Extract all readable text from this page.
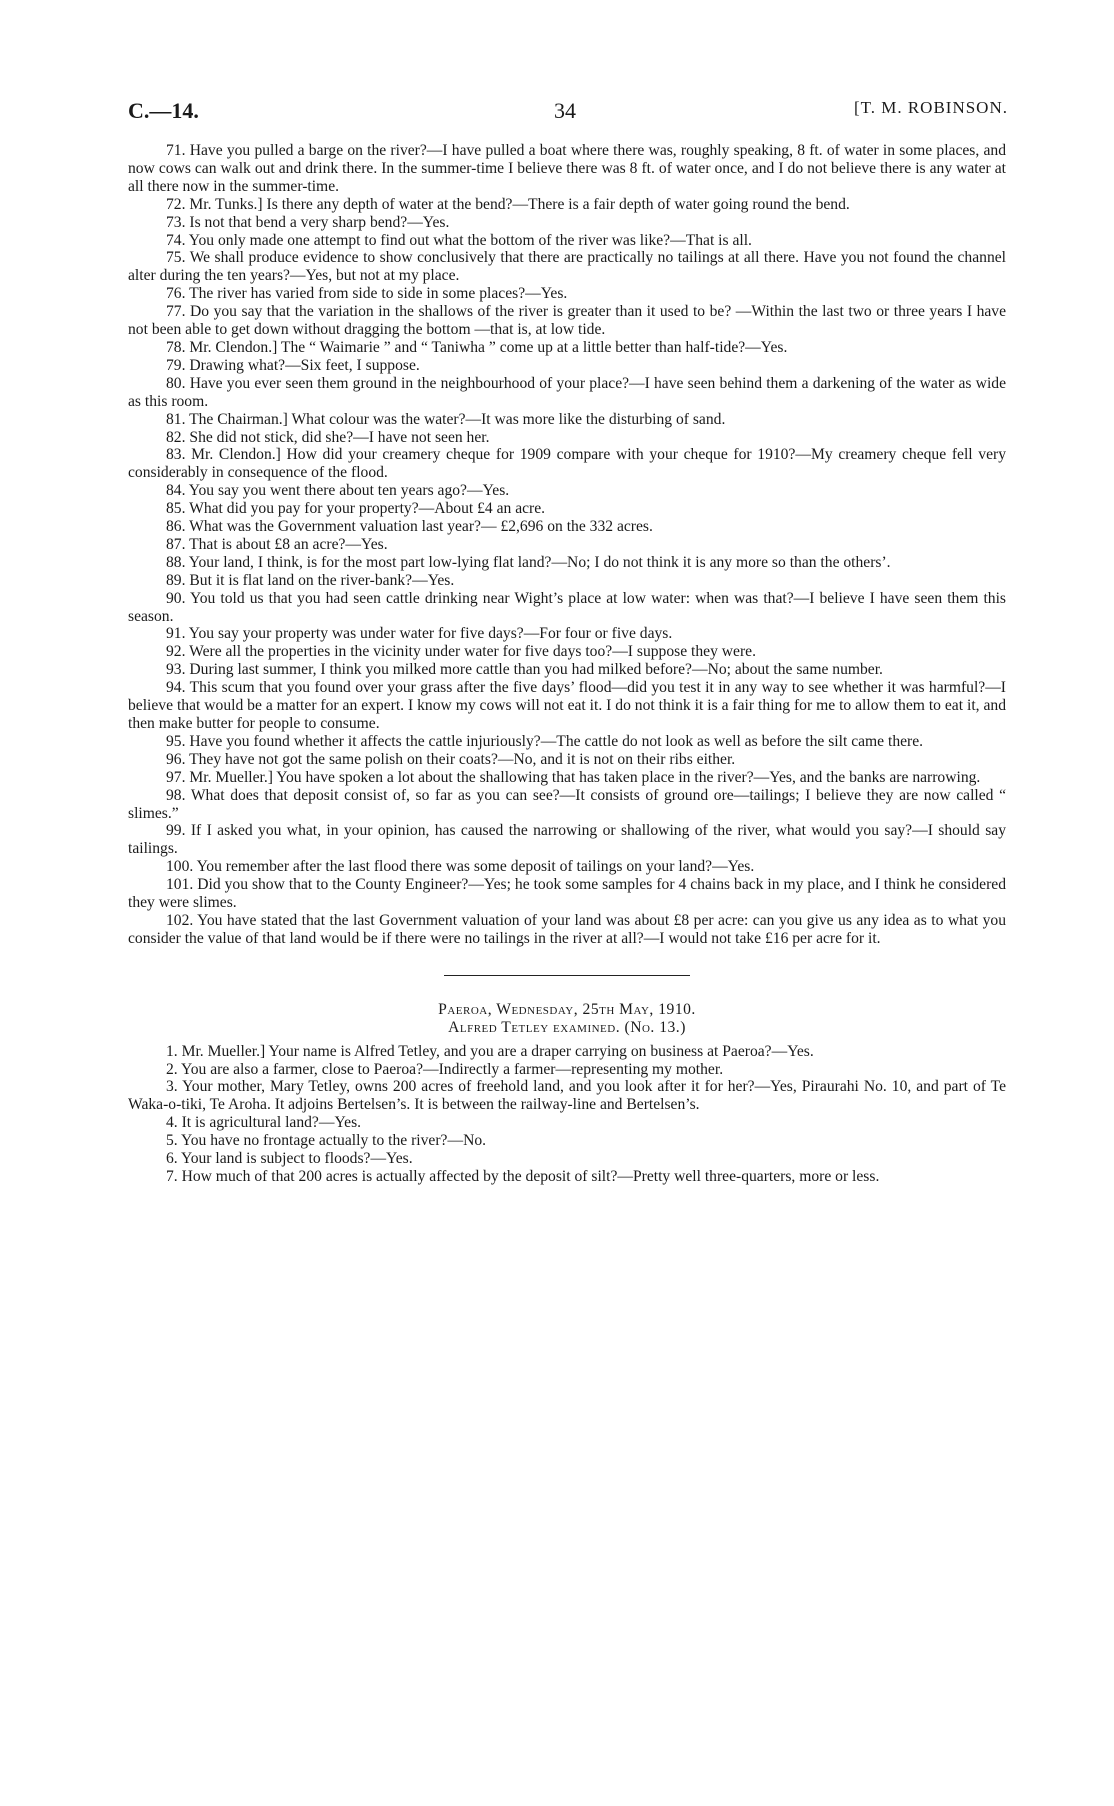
C.—14.	34	[T. M. ROBINSON.

71. Have you pulled a barge on the river?—I have pulled a boat where there was, roughly speaking, 8 ft. of water in some places, and now cows can walk out and drink there. In the summer-time I believe there was 8 ft. of water once, and I do not believe there is any water at all there now in the summer-time.

72. Mr. Tunks.] Is there any depth of water at the bend?—There is a fair depth of water going round the bend.

73. Is not that bend a very sharp bend?—Yes.

74. You only made one attempt to find out what the bottom of the river was like?—That is all.

75. We shall produce evidence to show conclusively that there are practically no tailings at all there. Have you not found the channel alter during the ten years?—Yes, but not at my place.

76. The river has varied from side to side in some places?—Yes.

77. Do you say that the variation in the shallows of the river is greater than it used to be? —Within the last two or three years I have not been able to get down without dragging the bottom —that is, at low tide.

78. Mr. Clendon.] The “ Waimarie ” and “ Taniwha ” come up at a little better than half-tide?—Yes.

79. Drawing what?—Six feet, I suppose.

80. Have you ever seen them ground in the neighbourhood of your place?—I have seen behind them a darkening of the water as wide as this room.

81. The Chairman.] What colour was the water?—It was more like the disturbing of sand.

82. She did not stick, did she?—I have not seen her.

83. Mr. Clendon.] How did your creamery cheque for 1909 compare with your cheque for 1910?—My creamery cheque fell very considerably in consequence of the flood.

84. You say you went there about ten years ago?—Yes.

85. What did you pay for your property?—About £4 an acre.

86. What was the Government valuation last year?— £2,696 on the 332 acres.

87. That is about £8 an acre?—Yes.

88. Your land, I think, is for the most part low-lying flat land?—No; I do not think it is any more so than the others’.

89. But it is flat land on the river-bank?—Yes.

90. You told us that you had seen cattle drinking near Wight’s place at low water: when was that?—I believe I have seen them this season.

91. You say your property was under water for five days?—For four or five days.

92. Were all the properties in the vicinity under water for five days too?—I suppose they were.

93. During last summer, I think you milked more cattle than you had milked before?—No; about the same number.

94. This scum that you found over your grass after the five days’ flood—did you test it in any way to see whether it was harmful?—I believe that would be a matter for an expert. I know my cows will not eat it. I do not think it is a fair thing for me to allow them to eat it, and then make butter for people to consume.

95. Have you found whether it affects the cattle injuriously?—The cattle do not look as well as before the silt came there.

96. They have not got the same polish on their coats?—No, and it is not on their ribs either.

97. Mr. Mueller.] You have spoken a lot about the shallowing that has taken place in the river?—Yes, and the banks are narrowing.

98. What does that deposit consist of, so far as you can see?—It consists of ground ore—tailings; I believe they are now called “ slimes.”

99. If I asked you what, in your opinion, has caused the narrowing or shallowing of the river, what would you say?—I should say tailings.

100. You remember after the last flood there was some deposit of tailings on your land?—Yes.

101. Did you show that to the County Engineer?—Yes; he took some samples for 4 chains back in my place, and I think he considered they were slimes.

102. You have stated that the last Government valuation of your land was about £8 per acre: can you give us any idea as to what you consider the value of that land would be if there were no tailings in the river at all?—I would not take £16 per acre for it.

Paeroa, Wednesday, 25th May, 1910.

Alfred Tetley examined. (No. 13.)

1. Mr. Mueller.] Your name is Alfred Tetley, and you are a draper carrying on business at Paeroa?—Yes.

2. You are also a farmer, close to Paeroa?—Indirectly a farmer—representing my mother.

3. Your mother, Mary Tetley, owns 200 acres of freehold land, and you look after it for her?—Yes, Piraurahi No. 10, and part of Te Waka-o-tiki, Te Aroha. It adjoins Bertelsen’s. It is between the railway-line and Bertelsen’s.

4. It is agricultural land?—Yes.

5. You have no frontage actually to the river?—No.

6. Your land is subject to floods?—Yes.

7. How much of that 200 acres is actually affected by the deposit of silt?—Pretty well three-quarters, more or less.
